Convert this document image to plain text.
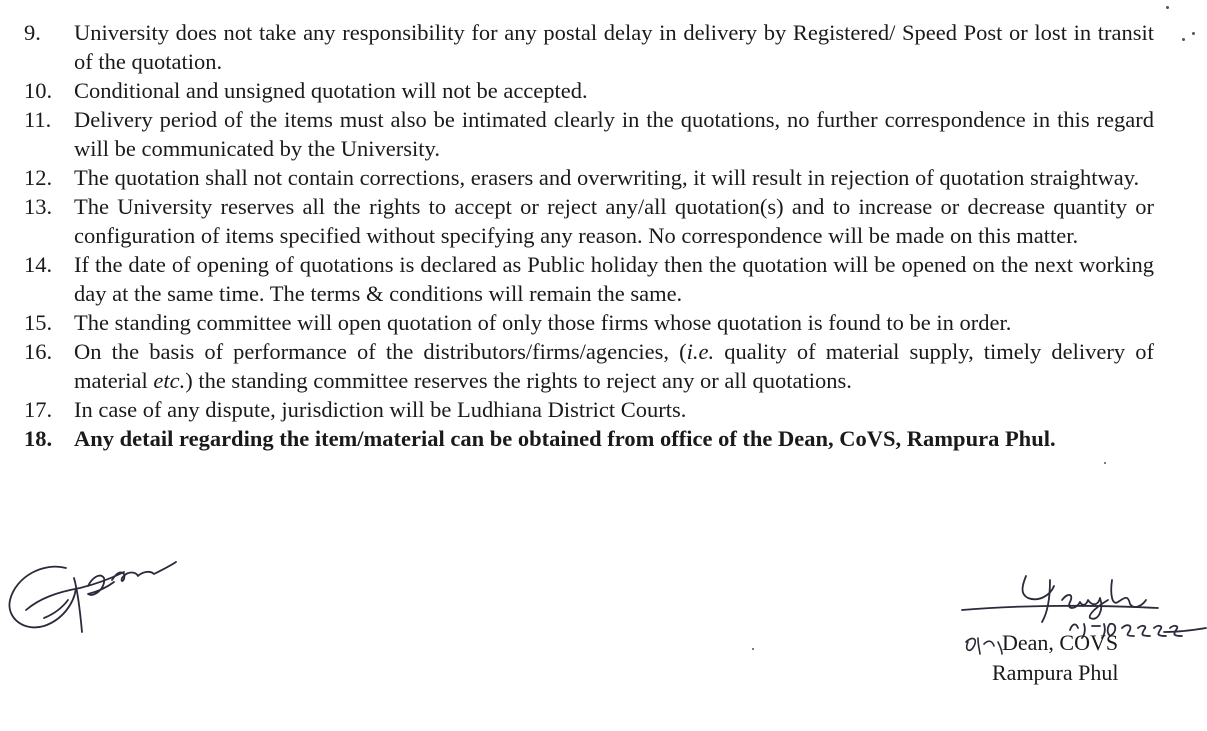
9.	University does not take any responsibility for any postal delay in delivery by Registered/ Speed Post or lost in transit of the quotation.
10. Conditional and unsigned quotation will not be accepted.
11.	Delivery period of the items must also be intimated clearly in the quotations, no further correspondence in this regard will be communicated by the University.
12. The quotation shall not contain corrections, erasers and overwriting, it will result in rejection of quotation straightway.
13. The University reserves all the rights to accept or reject any/all quotation(s) and to increase or decrease quantity or configuration of items specified without specifying any reason. No correspondence will be made on this matter.
14. If the date of opening of quotations is declared as Public holiday then the quotation will be opened on the next working day at the same time. The terms & conditions will remain the same.
15. The standing committee will open quotation of only those firms whose quotation is found to be in order.
16. On the basis of performance of the distributors/firms/agencies, (i.e. quality of material supply, timely delivery of material etc.) the standing committee reserves the rights to reject any or all quotations.
17. In case of any dispute, jurisdiction will be Ludhiana District Courts.
18. Any detail regarding the item/material can be obtained from office of the Dean, CoVS, Rampura Phul.
Dean, COVS
Rampura Phul
